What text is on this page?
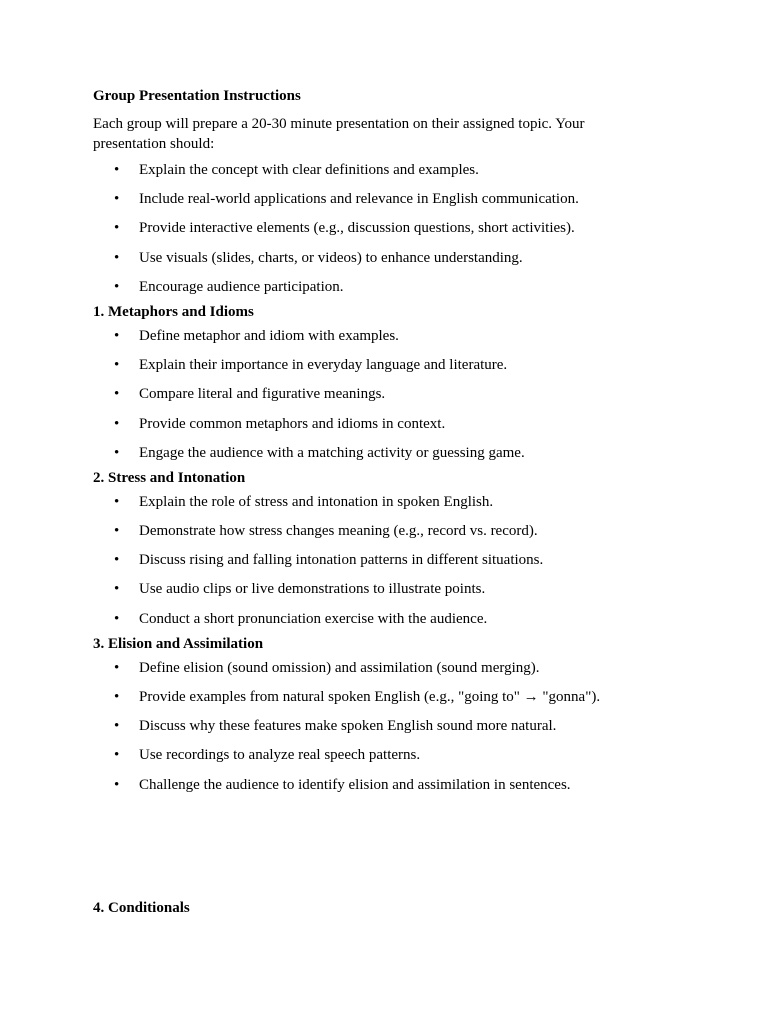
Group Presentation Instructions

Each group will prepare a 20-30 minute presentation on their assigned topic. Your presentation should:

• Explain the concept with clear definitions and examples.
• Include real-world applications and relevance in English communication.
• Provide interactive elements (e.g., discussion questions, short activities).
• Use visuals (slides, charts, or videos) to enhance understanding.
• Encourage audience participation.

1. Metaphors and Idioms

• Define metaphor and idiom with examples.
• Explain their importance in everyday language and literature.
• Compare literal and figurative meanings.
• Provide common metaphors and idioms in context.
• Engage the audience with a matching activity or guessing game.

2. Stress and Intonation

• Explain the role of stress and intonation in spoken English.
• Demonstrate how stress changes meaning (e.g., record vs. record).
• Discuss rising and falling intonation patterns in different situations.
• Use audio clips or live demonstrations to illustrate points.
• Conduct a short pronunciation exercise with the audience.

3. Elision and Assimilation

• Define elision (sound omission) and assimilation (sound merging).
• Provide examples from natural spoken English (e.g., "going to" → "gonna").
• Discuss why these features make spoken English sound more natural.
• Use recordings to analyze real speech patterns.
• Challenge the audience to identify elision and assimilation in sentences.

4. Conditionals
